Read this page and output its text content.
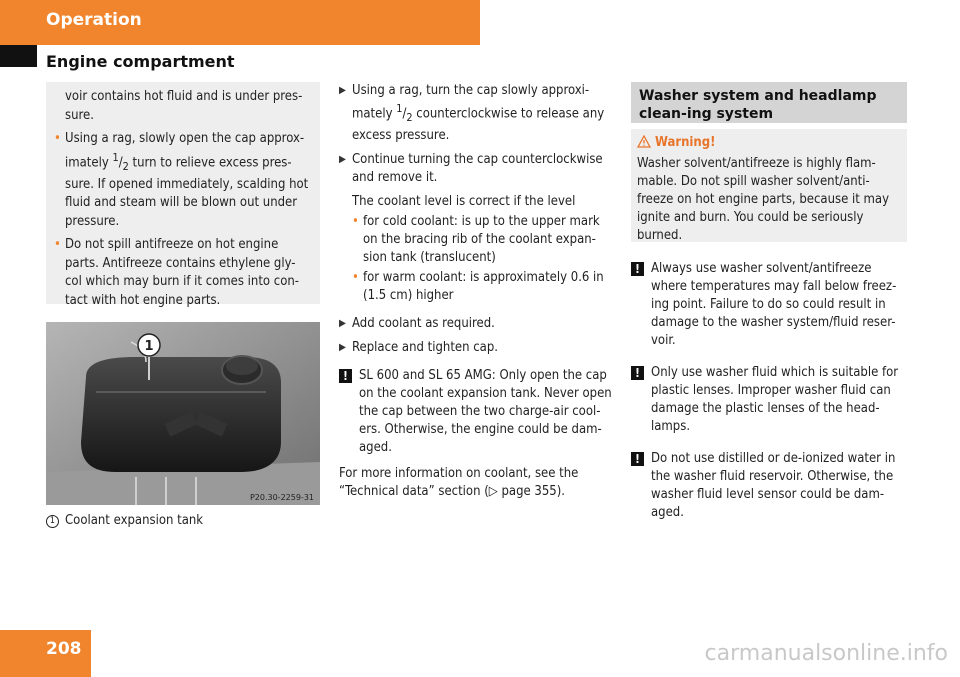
Operation
Engine compartment

voir contains hot fluid and is under pres-
sure.

• Using a rag, slowly open the cap approx-
imately $^1/_2$ turn to relieve excess pres-
sure. If opened immediately, scalding hot fluid and steam will be blown out under pressure.

• Do not spill antifreeze on hot engine parts. Antifreeze contains ethylene gly-col which may burn if it comes into con-tact with hot engine parts.

1
P20.30-2259-31
1 Coolant expansion tank

▶ Using a rag, turn the cap slowly approxi-
mately $^1/_2$ counterclockwise to release any
excess pressure.

▶ Continue turning the cap counterclockwise and remove it.

The coolant level is correct if the level

• for cold coolant: is up to the upper mark on the bracing rib of the coolant expan-sion tank (translucent)

• for warm coolant: is approximately 0.6 in (1.5 cm) higher

▶ Add coolant as required.

▶ Replace and tighten cap.

! SL 600 and SL 65 AMG: Only open the cap on the coolant expansion tank. Never open the cap between the two charge-air cool-ers. Otherwise, the engine could be dam-aged.

For more information on coolant, see the “Technical data” section (▷ page 355).

Washer system and headlamp clean-ing system
Warning!

Washer solvent/antifreeze is highly flam-mable. Do not spill washer solvent/anti-freeze on hot engine parts, because it may ignite and burn. You could be seriously burned.

! Always use washer solvent/antifreeze where temperatures may fall below freez-ing point. Failure to do so could result in damage to the washer system/fluid reser-voir.

! Only use washer fluid which is suitable for plastic lenses. Improper washer fluid can damage the plastic lenses of the head-lamps.

! Do not use distilled or de-ionized water in the washer fluid reservoir. Otherwise, the washer fluid level sensor could be dam-aged.

208	carmanualsonline.info
